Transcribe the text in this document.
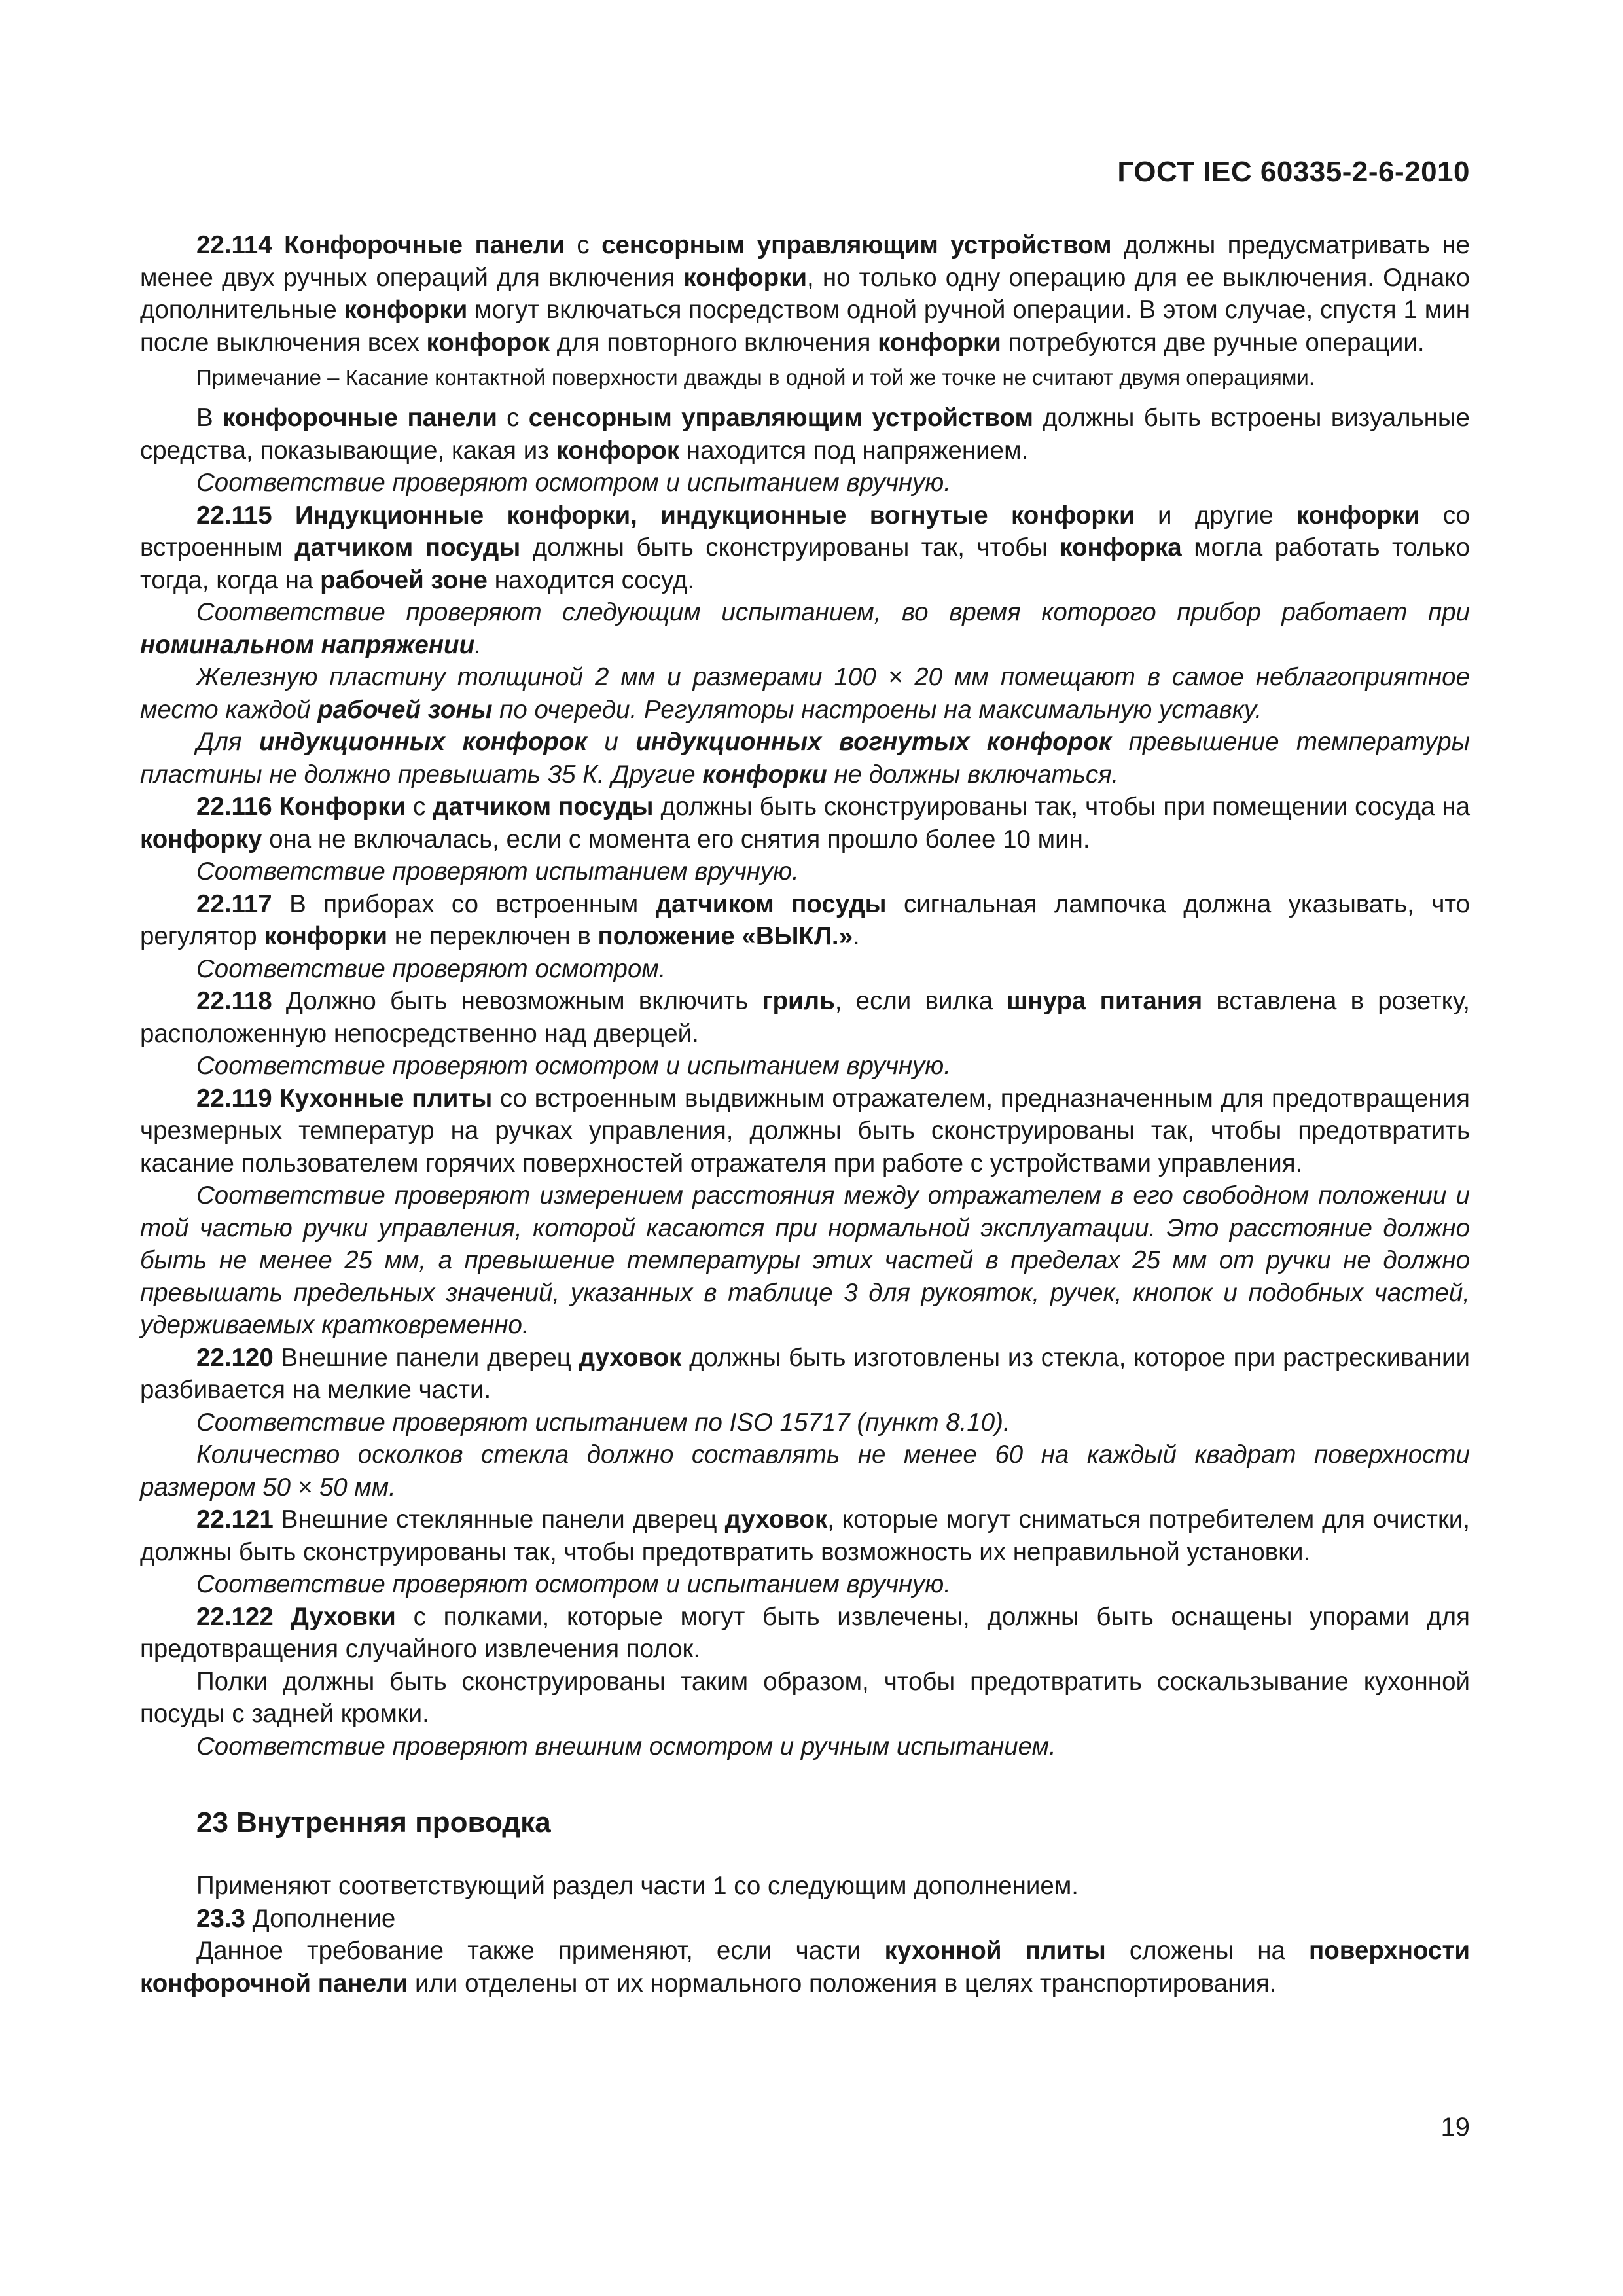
ГОСТ IEC 60335-2-6-2010

22.114 Конфорочные панели с сенсорным управляющим устройством должны предусматривать не менее двух ручных операций для включения конфорки, но только одну операцию для ее выключения. Однако дополнительные конфорки могут включаться посредством одной ручной операции. В этом случае, спустя 1 мин после выключения всех конфорок для повторного включения конфорки потребуются две ручные операции.

Примечание – Касание контактной поверхности дважды в одной и той же точке не считают двумя операциями.

В конфорочные панели с сенсорным управляющим устройством должны быть встроены визуальные средства, показывающие, какая из конфорок находится под напряжением.

Соответствие проверяют осмотром и испытанием вручную.

22.115 Индукционные конфорки, индукционные вогнутые конфорки и другие конфорки со встроенным датчиком посуды должны быть сконструированы так, чтобы конфорка могла работать только тогда, когда на рабочей зоне находится сосуд.

Соответствие проверяют следующим испытанием, во время которого прибор работает при номинальном напряжении.

Железную пластину толщиной 2 мм и размерами 100 × 20 мм помещают в самое неблагоприятное место каждой рабочей зоны по очереди. Регуляторы настроены на максимальную уставку.

Для индукционных конфорок и индукционных вогнутых конфорок превышение температуры пластины не должно превышать 35 К. Другие конфорки не должны включаться.

22.116 Конфорки с датчиком посуды должны быть сконструированы так, чтобы при помещении сосуда на конфорку она не включалась, если с момента его снятия прошло более 10 мин.

Соответствие проверяют испытанием вручную.

22.117 В приборах со встроенным датчиком посуды сигнальная лампочка должна указывать, что регулятор конфорки не переключен в положение «ВЫКЛ.».

Соответствие проверяют осмотром.

22.118 Должно быть невозможным включить гриль, если вилка шнура питания вставлена в розетку, расположенную непосредственно над дверцей.

Соответствие проверяют осмотром и испытанием вручную.

22.119 Кухонные плиты со встроенным выдвижным отражателем, предназначенным для предотвращения чрезмерных температур на ручках управления, должны быть сконструированы так, чтобы предотвратить касание пользователем горячих поверхностей отражателя при работе с устройствами управления.

Соответствие проверяют измерением расстояния между отражателем в его свободном положении и той частью ручки управления, которой касаются при нормальной эксплуатации. Это расстояние должно быть не менее 25 мм, а превышение температуры этих частей в пределах 25 мм от ручки не должно превышать предельных значений, указанных в таблице 3 для рукояток, ручек, кнопок и подобных частей, удерживаемых кратковременно.

22.120 Внешние панели дверец духовок должны быть изготовлены из стекла, которое при растрескивании разбивается на мелкие части.

Соответствие проверяют испытанием по ISO 15717 (пункт 8.10).

Количество осколков стекла должно составлять не менее 60 на каждый квадрат поверхности размером 50 × 50 мм.

22.121 Внешние стеклянные панели дверец духовок, которые могут сниматься потребителем для очистки, должны быть сконструированы так, чтобы предотвратить возможность их неправильной установки.

Соответствие проверяют осмотром и испытанием вручную.

22.122 Духовки с полками, которые могут быть извлечены, должны быть оснащены упорами для предотвращения случайного извлечения полок.

Полки должны быть сконструированы таким образом, чтобы предотвратить соскальзывание кухонной посуды с задней кромки.

Соответствие проверяют внешним осмотром и ручным испытанием.

23 Внутренняя проводка

Применяют соответствующий раздел части 1 со следующим дополнением.

23.3 Дополнение

Данное требование также применяют, если части кухонной плиты сложены на поверхности конфорочной панели или отделены от их нормального положения в целях транспортирования.

19
